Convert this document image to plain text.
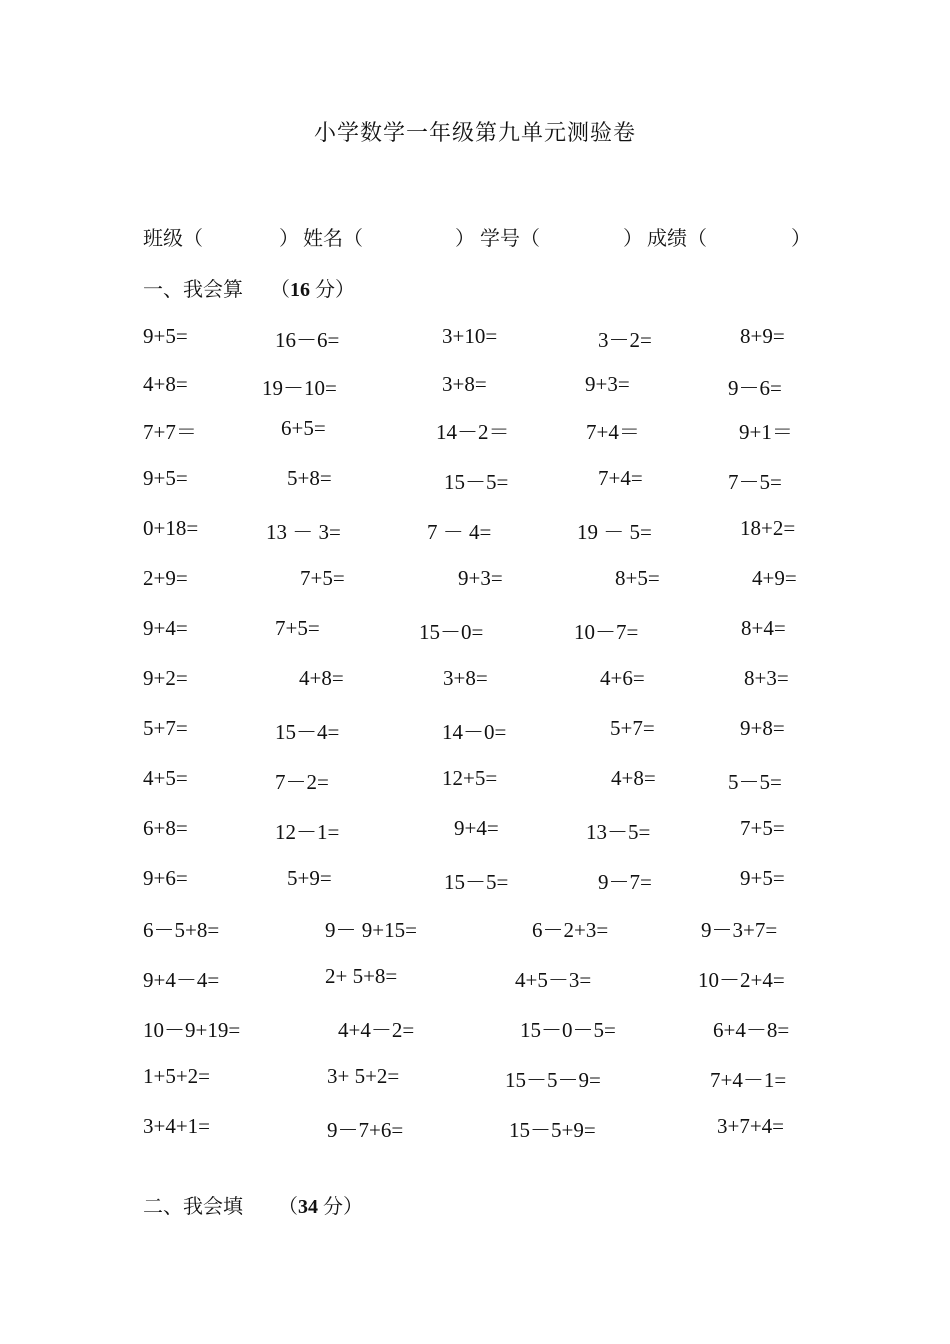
小学数学一年级第九单元测验卷
班级（	） 姓名（	） 学号（	） 成绩（	）
一、我会算 （16 分）
9+5=	16－6=	3+10=	3－2=	8+9=
4+8=	19－10=	3+8=	9+3=	9－6=
7+7＝	6+5=	14－2＝	7+4＝	9+1＝
9+5=	5+8=	15－5=	7+4=	7－5=
0+18=	13 － 3=	7 － 4=	19 － 5=	18+2=
2+9=	7+5=	9+3=	8+5=	4+9=
9+4=	7+5=	15－0=	10－7=	8+4=
9+2=	4+8=	3+8=	4+6=	8+3=
5+7=	15－4=	14－0=	5+7=	9+8=
4+5=	7－2=	12+5=	4+8=	5－5=
6+8=	12－1=	9+4=	13－5=	7+5=
9+6=	5+9=	15－5=	9－7=	9+5=
6－5+8=	9－ 9+15=	6－2+3=	9－3+7=
9+4－4=	2+ 5+8=	4+5－3=	10－2+4=
10－9+19=	4+4－2=	15－0－5=	6+4－8=
1+5+2=	3+ 5+2=	15－5－9=	7+4－1=
3+4+1=	9－7+6=	15－5+9=	3+7+4=
二、我会填 （34 分）
